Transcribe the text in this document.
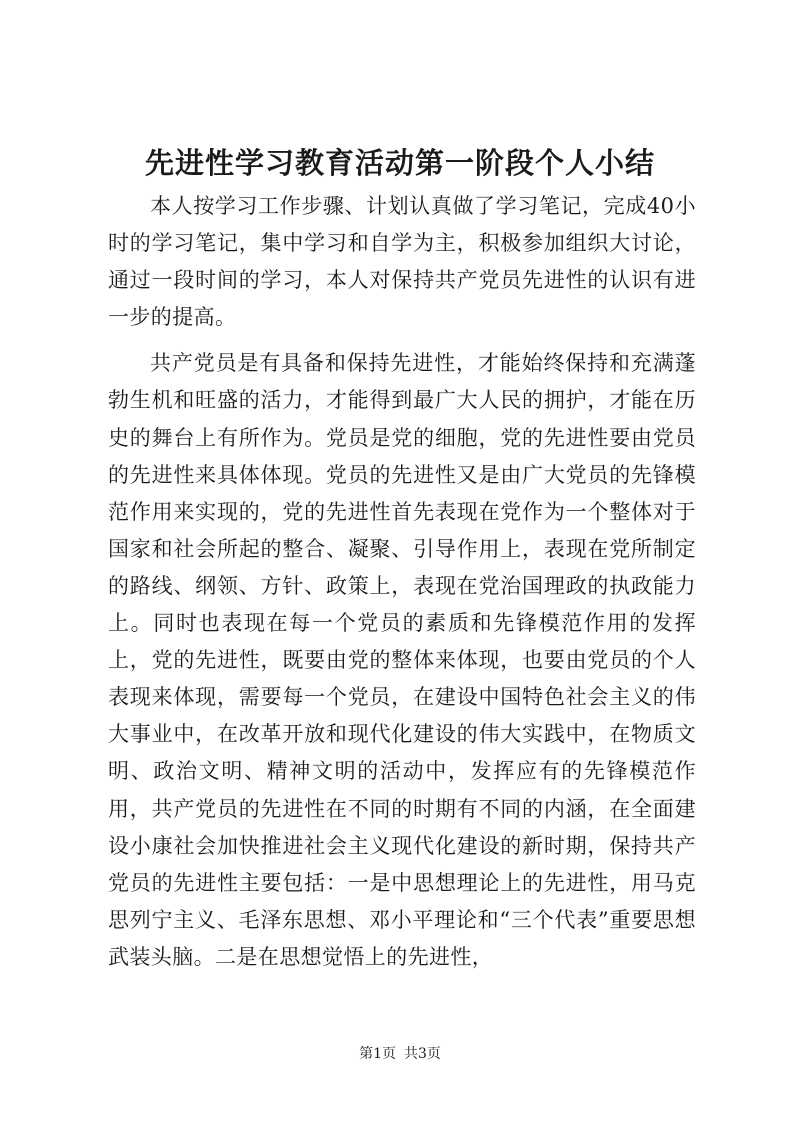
先进性学习教育活动第一阶段个人小结

本人按学习工作步骤、计划认真做了学习笔记，完成40小时的学习笔记，集中学习和自学为主，积极参加组织大讨论，通过一段时间的学习，本人对保持共产党员先进性的认识有进一步的提高。

共产党员是有具备和保持先进性，才能始终保持和充满蓬勃生机和旺盛的活力，才能得到最广大人民的拥护，才能在历史的舞台上有所作为。党员是党的细胞，党的先进性要由党员的先进性来具体体现。党员的先进性又是由广大党员的先锋模范作用来实现的，党的先进性首先表现在党作为一个整体对于国家和社会所起的整合、凝聚、引导作用上，表现在党所制定的路线、纲领、方针、政策上，表现在党治国理政的执政能力上。同时也表现在每一个党员的素质和先锋模范作用的发挥上，党的先进性，既要由党的整体来体现，也要由党员的个人表现来体现，需要每一个党员，在建设中国特色社会主义的伟大事业中，在改革开放和现代化建设的伟大实践中，在物质文明、政治文明、精神文明的活动中，发挥应有的先锋模范作用，共产党员的先进性在不同的时期有不同的内涵，在全面建设小康社会加快推进社会主义现代化建设的新时期，保持共产党员的先进性主要包括：一是中思想理论上的先进性，用马克思列宁主义、毛泽东思想、邓小平理论和“三个代表”重要思想武装头脑。二是在思想觉悟上的先进性，

第1页 共3页
